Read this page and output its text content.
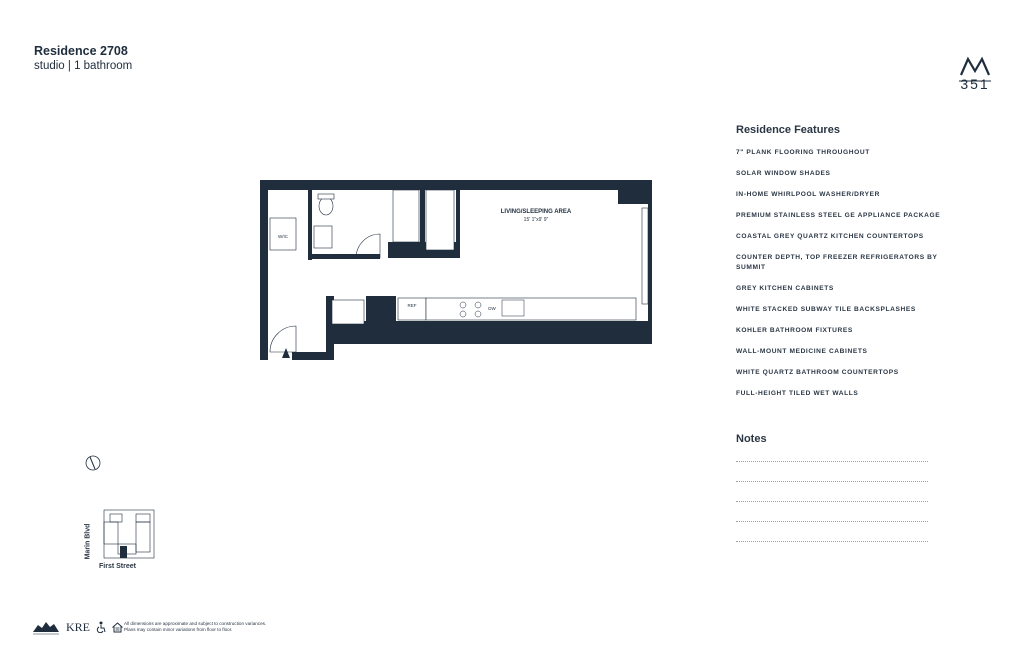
Residence 2708
studio | 1 bathroom
351
LIVING/SLEEPING AREA
15' 1"x9' 9"
W/IC
REF
DW
Residence Features
7" PLANK FLOORING THROUGHOUT
SOLAR WINDOW SHADES
IN-HOME WHIRLPOOL WASHER/DRYER
PREMIUM STAINLESS STEEL GE APPLIANCE PACKAGE
COASTAL GREY QUARTZ KITCHEN COUNTERTOPS
COUNTER DEPTH, TOP FREEZER REFRIGERATORS BY SUMMIT
GREY KITCHEN CABINETS
WHITE STACKED SUBWAY TILE BACKSPLASHES
KOHLER BATHROOM FIXTURES
WALL-MOUNT MEDICINE CABINETS
WHITE QUARTZ BATHROOM COUNTERTOPS
FULL-HEIGHT TILED WET WALLS
Notes
Marin Blvd
First Street
KRE	All dimensions are approximate and subject to construction variances.
Plans may contain minor variations from floor to floor.
